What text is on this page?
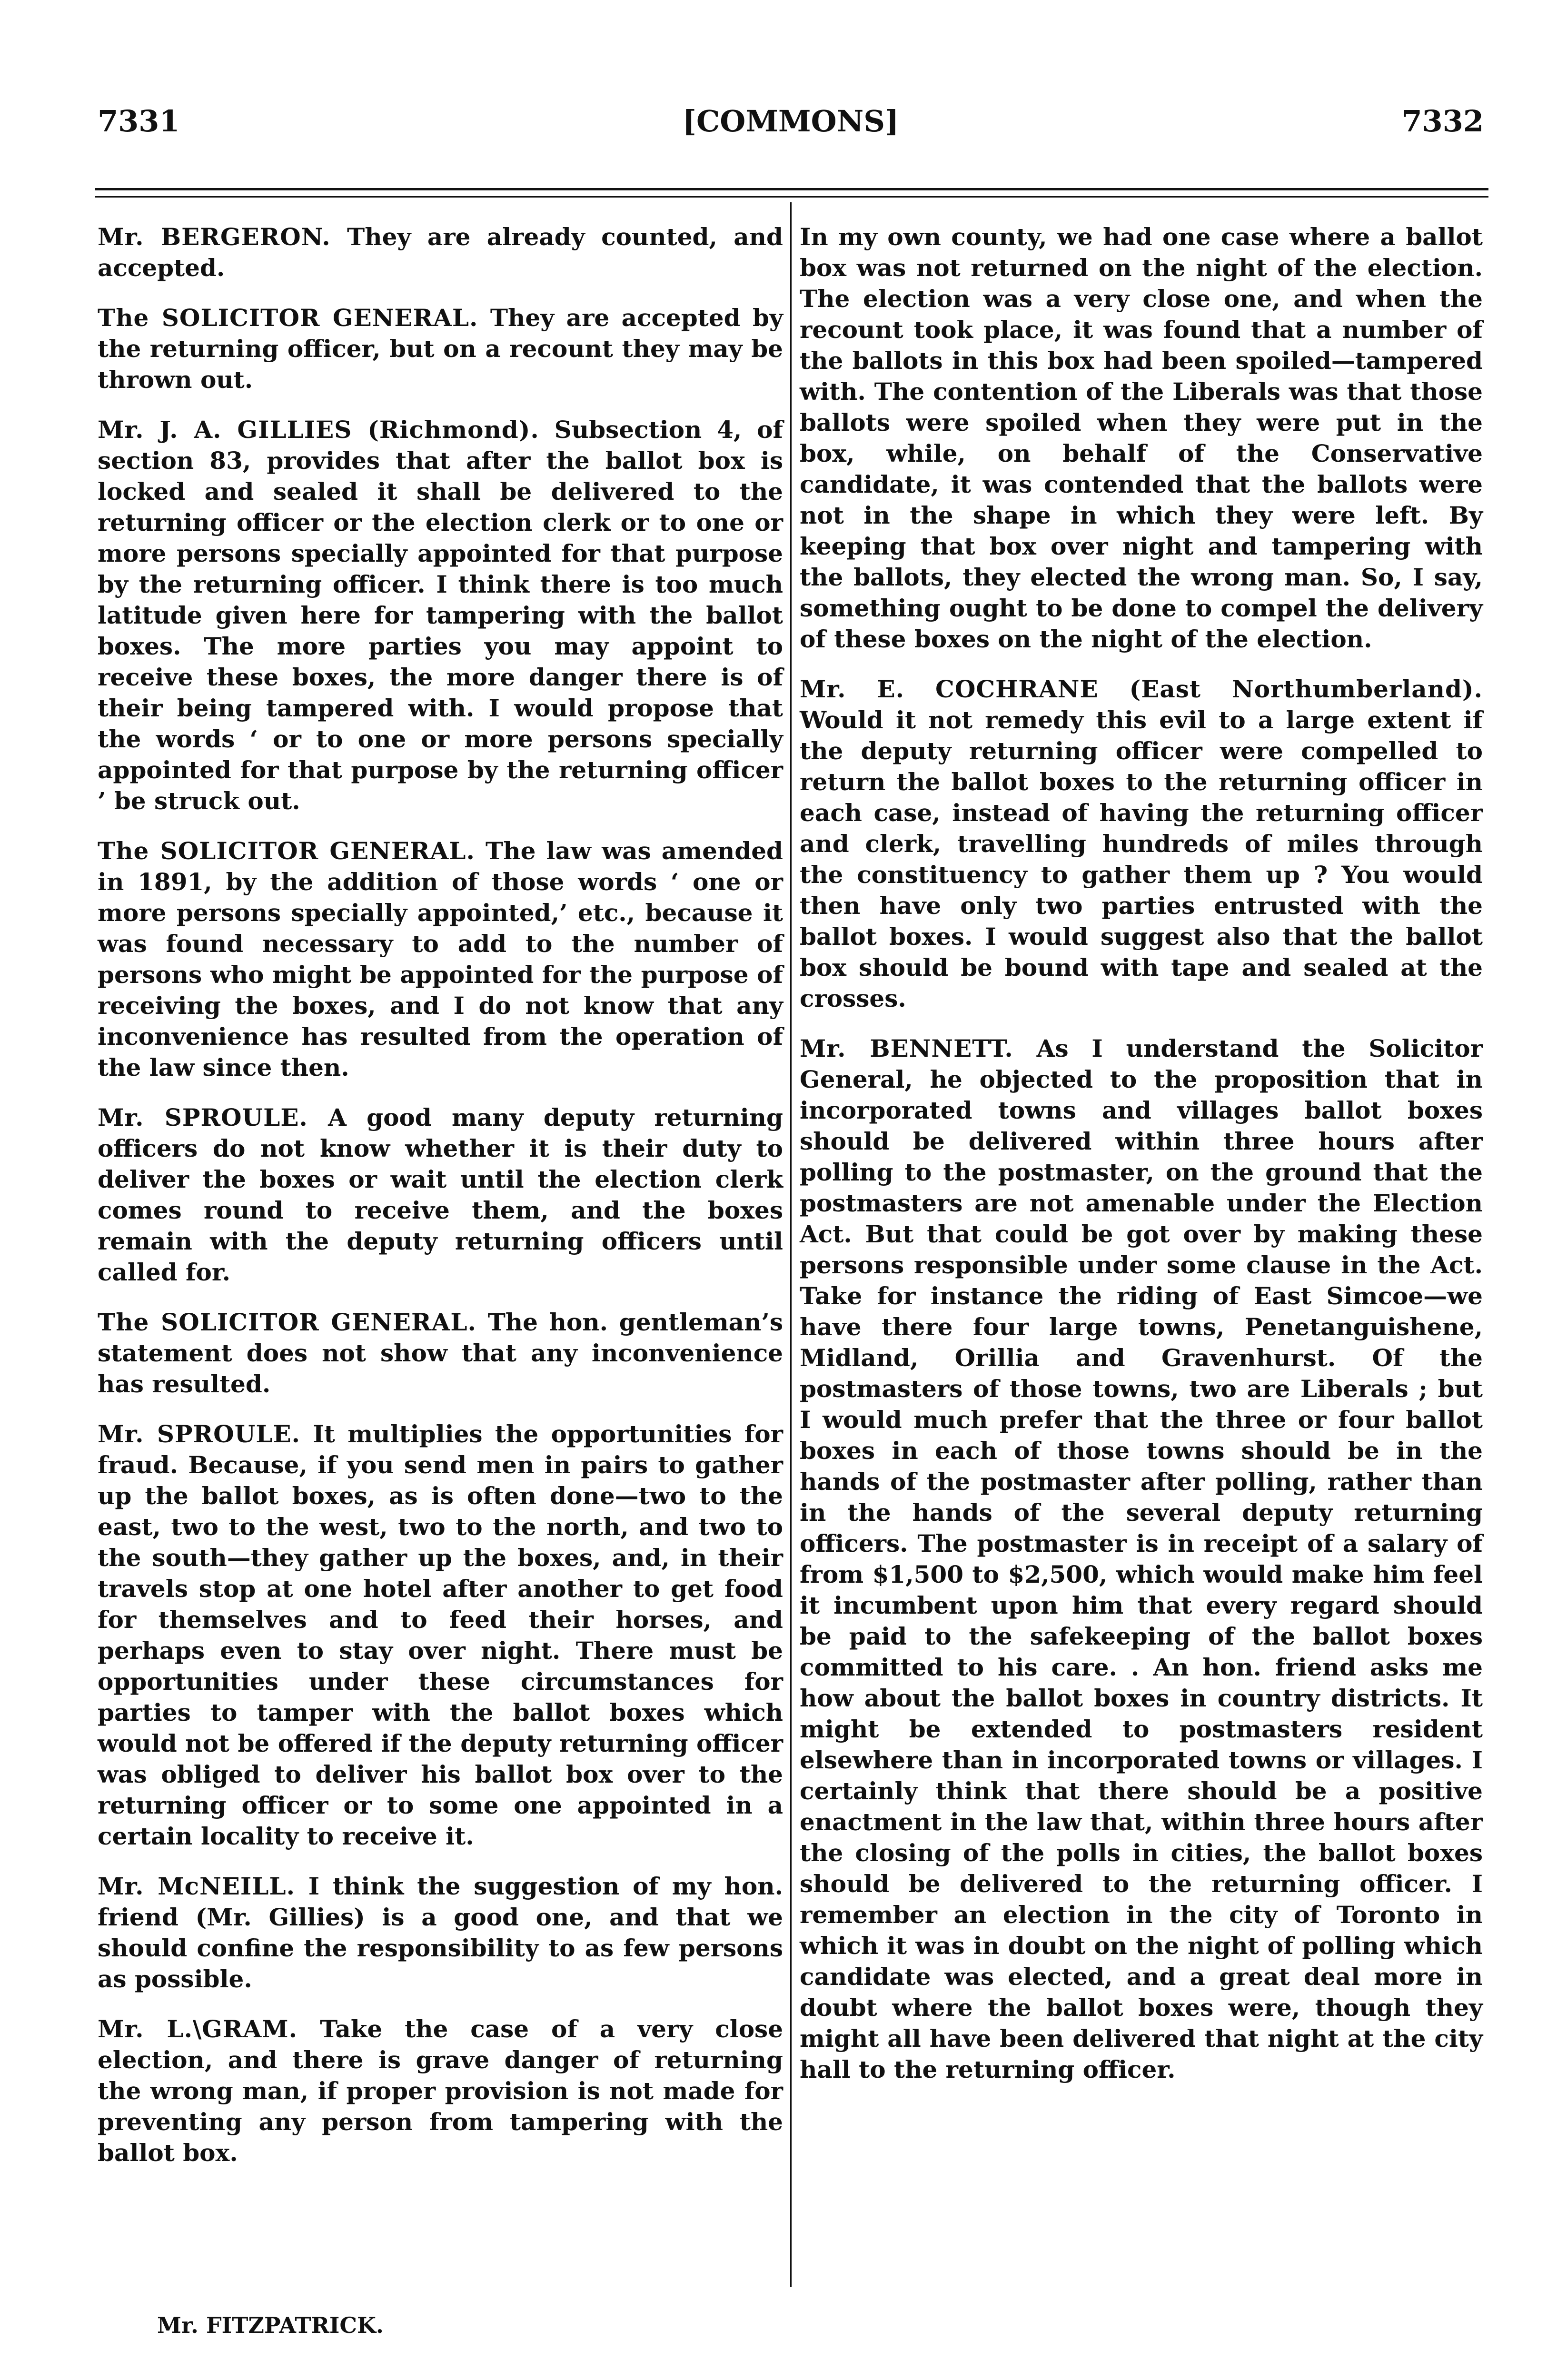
7331	[COMMONS]	7332

Mr. BERGERON. They are already counted, and accepted.

The SOLICITOR GENERAL. They are accepted by the returning officer, but on a recount they may be thrown out.

Mr. J. A. GILLIES (Richmond). Subsection 4, of section 83, provides that after the ballot box is locked and sealed it shall be delivered to the returning officer or the election clerk or to one or more persons specially appointed for that purpose by the returning officer. I think there is too much latitude given here for tampering with the ballot boxes. The more parties you may appoint to receive these boxes, the more danger there is of their being tampered with. I would propose that the words ‘ or to one or more persons specially appointed for that purpose by the returning officer ’ be struck out.

The SOLICITOR GENERAL. The law was amended in 1891, by the addition of those words ‘ one or more persons specially appointed,’ etc., because it was found necessary to add to the number of persons who might be appointed for the purpose of receiving the boxes, and I do not know that any inconvenience has resulted from the operation of the law since then.

Mr. SPROULE. A good many deputy returning officers do not know whether it is their duty to deliver the boxes or wait until the election clerk comes round to receive them, and the boxes remain with the deputy returning officers until called for.

The SOLICITOR GENERAL. The hon. gentleman’s statement does not show that any inconvenience has resulted.

Mr. SPROULE. It multiplies the opportunities for fraud. Because, if you send men in pairs to gather up the ballot boxes, as is often done—two to the east, two to the west, two to the north, and two to the south—they gather up the boxes, and, in their travels stop at one hotel after another to get food for themselves and to feed their horses, and perhaps even to stay over night. There must be opportunities under these circumstances for parties to tamper with the ballot boxes which would not be offered if the deputy returning officer was obliged to deliver his ballot box over to the returning officer or to some one appointed in a certain locality to receive it.

Mr. McNEILL. I think the suggestion of my hon. friend (Mr. Gillies) is a good one, and that we should confine the responsibility to as few persons as possible.

Mr. L.\GRAM. Take the case of a very close election, and there is grave danger of returning the wrong man, if proper provision is not made for preventing any person from tampering with the ballot box.

In my own county, we had one case where a ballot box was not returned on the night of the election. The election was a very close one, and when the recount took place, it was found that a number of the ballots in this box had been spoiled—tampered with. The contention of the Liberals was that those ballots were spoiled when they were put in the box, while, on behalf of the Conservative candidate, it was contended that the ballots were not in the shape in which they were left. By keeping that box over night and tampering with the ballots, they elected the wrong man. So, I say, something ought to be done to compel the delivery of these boxes on the night of the election.

Mr. E. COCHRANE (East Northumberland). Would it not remedy this evil to a large extent if the deputy returning officer were compelled to return the ballot boxes to the returning officer in each case, instead of having the returning officer and clerk, travelling hundreds of miles through the constituency to gather them up ? You would then have only two parties entrusted with the ballot boxes. I would suggest also that the ballot box should be bound with tape and sealed at the crosses.

Mr. BENNETT. As I understand the Solicitor General, he objected to the proposition that in incorporated towns and villages ballot boxes should be delivered within three hours after polling to the postmaster, on the ground that the postmasters are not amenable under the Election Act. But that could be got over by making these persons responsible under some clause in the Act. Take for instance the riding of East Simcoe—we have there four large towns, Penetanguishene, Midland, Orillia and Gravenhurst. Of the postmasters of those towns, two are Liberals ; but I would much prefer that the three or four ballot boxes in each of those towns should be in the hands of the postmaster after polling, rather than in the hands of the several deputy returning officers. The postmaster is in receipt of a salary of from $1,500 to $2,500, which would make him feel it incumbent upon him that every regard should be paid to the safekeeping of the ballot boxes committed to his care. . An hon. friend asks me how about the ballot boxes in country districts. It might be extended to postmasters resident elsewhere than in incorporated towns or villages. I certainly think that there should be a positive enactment in the law that, within three hours after the closing of the polls in cities, the ballot boxes should be delivered to the returning officer. I remember an election in the city of Toronto in which it was in doubt on the night of polling which candidate was elected, and a great deal more in doubt where the ballot boxes were, though they might all have been delivered that night at the city hall to the returning officer.

Mr. FITZPATRICK.
